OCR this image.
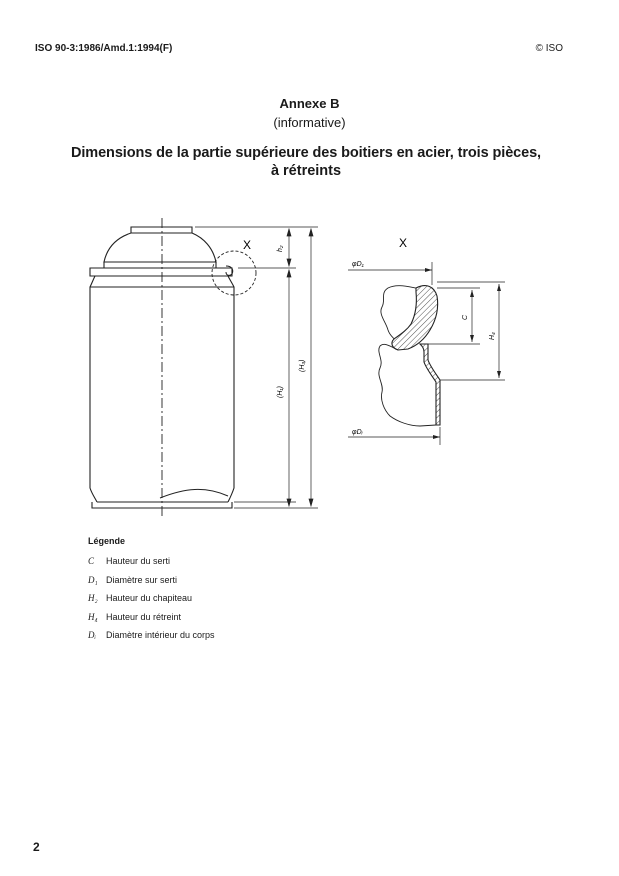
ISO 90-3:1986/Amd.1:1994(F)	© ISO
Annexe B
(informative)
Dimensions de la partie supérieure des boitiers en acier, trois pièces,
à rétreints
X	h₂
(H₁)
(H₃)
X
φD₁
C
H₄
φDᵢ
Légende
C Hauteur du serti
D₁ Diamètre sur serti
H₂ Hauteur du chapiteau
H₄ Hauteur du rétreint
Dᵢ Diamètre intérieur du corps
2
